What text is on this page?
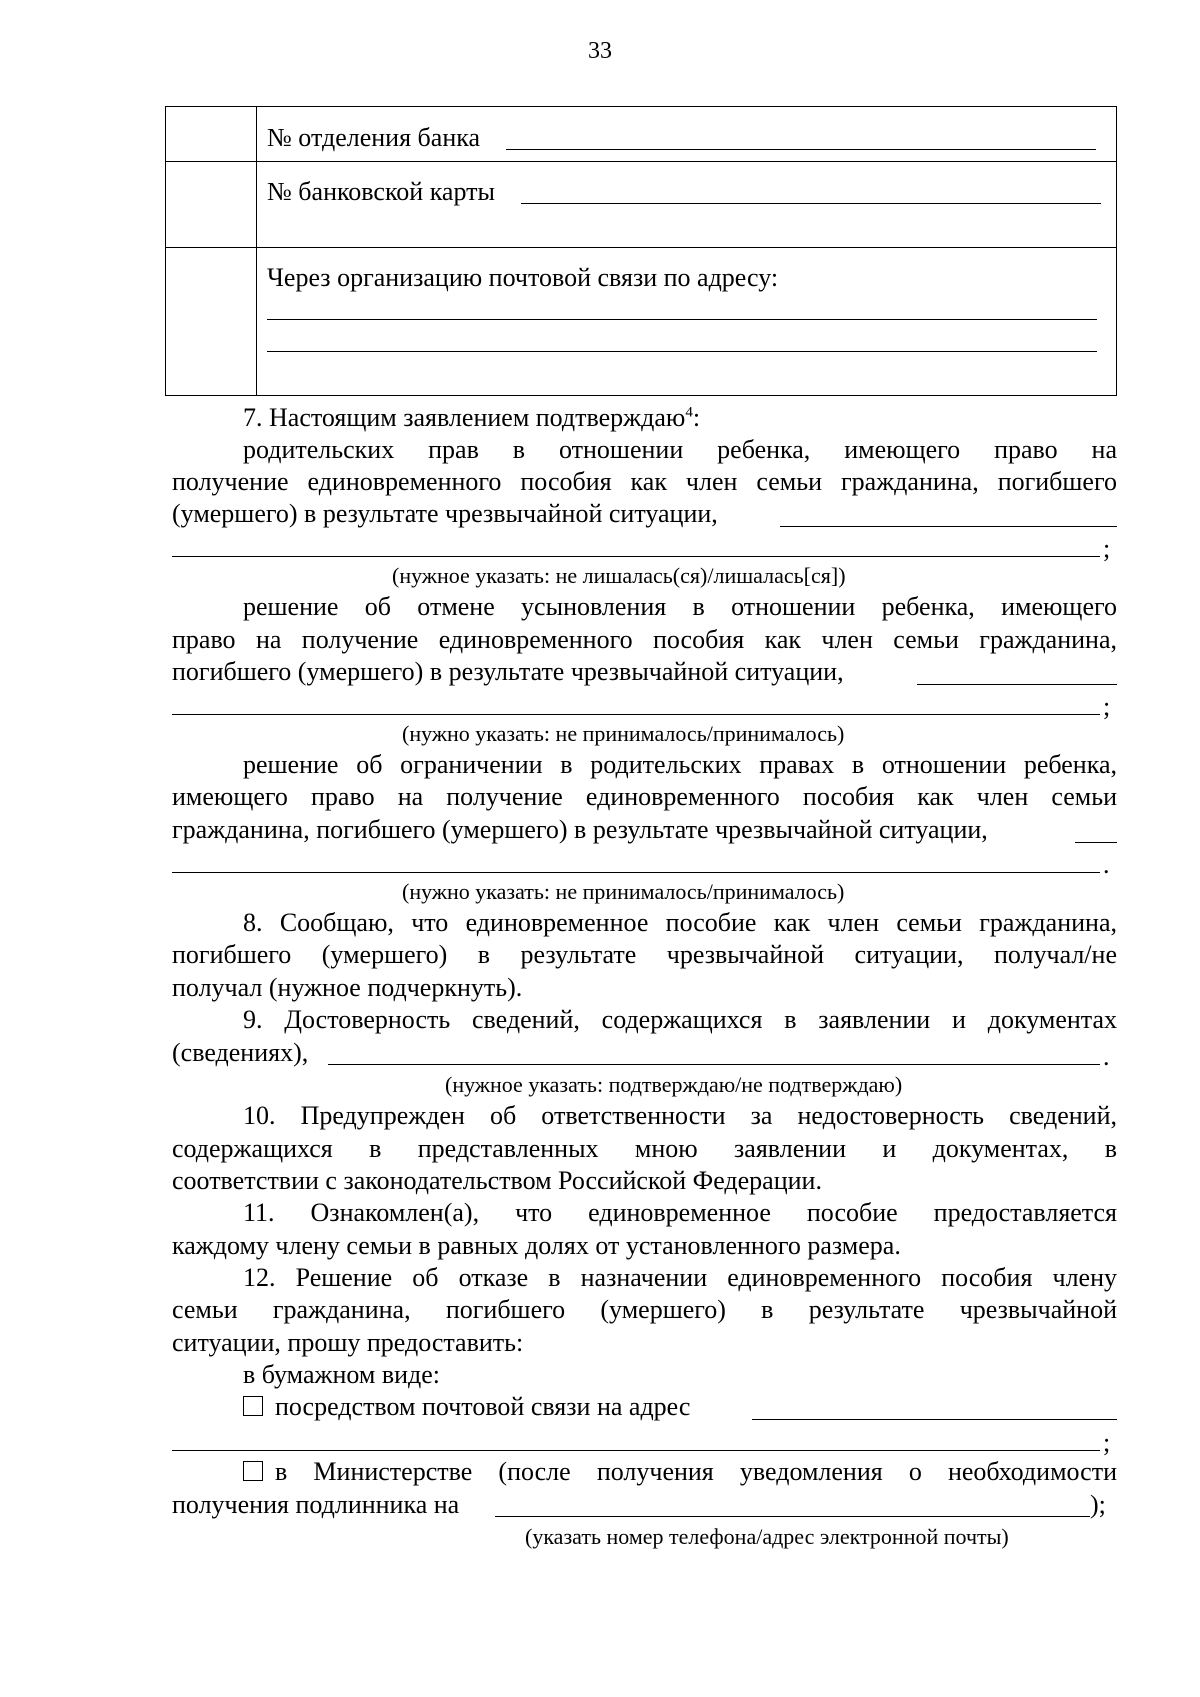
33
№ отделения банка
№ банковской карты
Через организацию почтовой связи по адресу:
7. Настоящим заявлением подтверждаю$^4$:
родительских прав в отношении ребенка, имеющего право на
получение единовременного пособия как член семьи гражданина, погибшего
(умершего) в результате чрезвычайной ситуации,
;
(нужное указать: не лишалась(ся)/лишалась[ся])
решение об отмене усыновления в отношении ребенка, имеющего
право на получение единовременного пособия как член семьи гражданина,
погибшего (умершего) в результате чрезвычайной ситуации,
;
(нужно указать: не принималось/принималось)
решение об ограничении в родительских правах в отношении ребенка,
имеющего право на получение единовременного пособия как член семьи
гражданина, погибшего (умершего) в результате чрезвычайной ситуации,
.
(нужно указать: не принималось/принималось)
8. Сообщаю, что единовременное пособие как член семьи гражданина,
погибшего (умершего) в результате чрезвычайной ситуации, получал/не
получал (нужное подчеркнуть).
9. Достоверность сведений, содержащихся в заявлении и документах
(сведениях),	.
(нужное указать: подтверждаю/не подтверждаю)
10. Предупрежден об ответственности за недостоверность сведений,
содержащихся в представленных мною заявлении и документах, в
соответствии с законодательством Российской Федерации.
11. Ознакомлен(а), что единовременное пособие предоставляется
каждому члену семьи в равных долях от установленного размера.
12. Решение об отказе в назначении единовременного пособия члену
семьи гражданина, погибшего (умершего) в результате чрезвычайной
ситуации, прошу предоставить:
в бумажном виде:
посредством почтовой связи на адрес
;
в Министерстве (после получения уведомления о необходимости
получения подлинника на	);
(указать номер телефона/адрес электронной почты)
